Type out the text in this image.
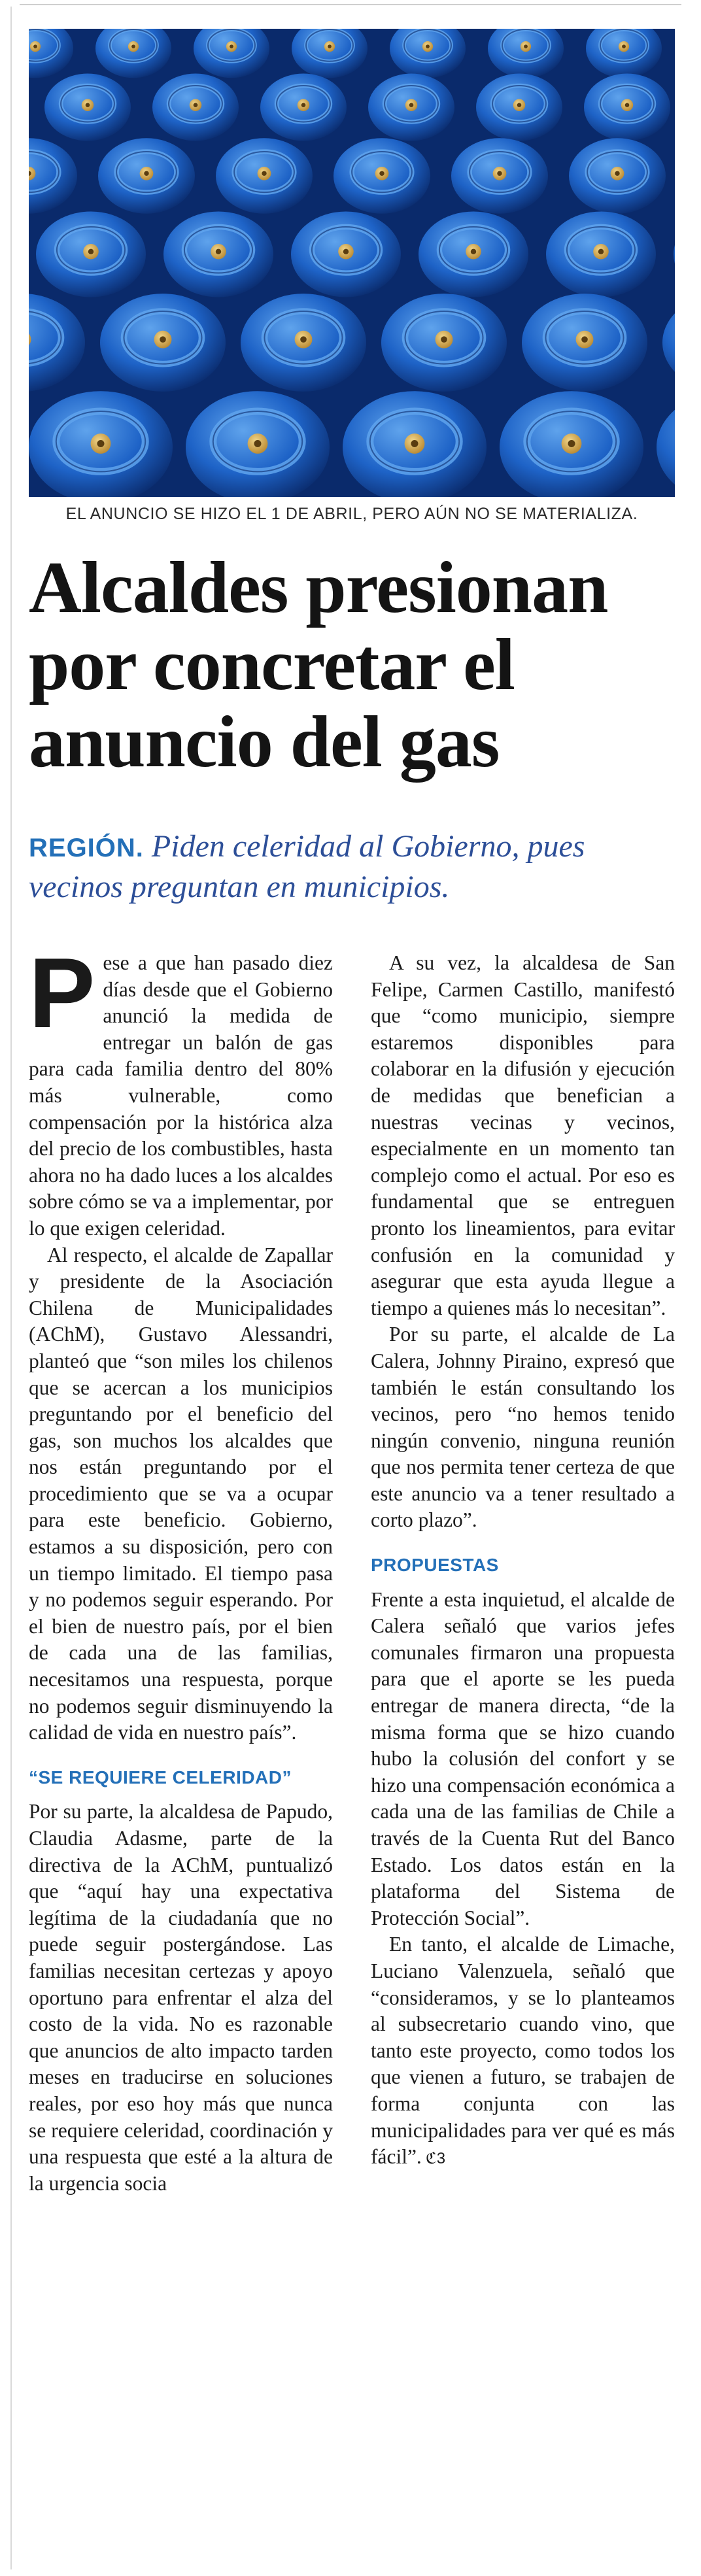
EL ANUNCIO SE HIZO EL 1 DE ABRIL, PERO AÚN NO SE MATERIALIZA.
Alcaldes presionan por concretar el anuncio del gas

REGIÓN. Piden celeridad al Gobierno, pues vecinos preguntan en municipios.

Pese a que han pasado diez días desde que el Gobierno anunció la medida de entregar un balón de gas para cada familia dentro del 80% más vulnerable, como compensación por la histórica alza del precio de los combustibles, hasta ahora no ha dado luces a los alcaldes sobre cómo se va a implementar, por lo que exigen celeridad.

Al respecto, el alcalde de Zapallar y presidente de la Asociación Chilena de Municipalidades (AChM), Gustavo Alessandri, planteó que “son miles los chilenos que se acercan a los municipios preguntando por el beneficio del gas, son muchos los alcaldes que nos están preguntando por el procedimiento que se va a ocupar para este beneficio. Gobierno, estamos a su disposición, pero con un tiempo limitado. El tiempo pasa y no podemos seguir esperando. Por el bien de nuestro país, por el bien de cada una de las familias, necesitamos una respuesta, porque no podemos seguir disminuyendo la calidad de vida en nuestro país”.

“SE REQUIERE CELERIDAD”

Por su parte, la alcaldesa de Papudo, Claudia Adasme, parte de la directiva de la AChM, puntualizó que “aquí hay una expectativa legítima de la ciudadanía que no puede seguir postergándose. Las familias necesitan certezas y apoyo oportuno para enfrentar el alza del costo de la vida. No es razonable que anuncios de alto impacto tarden meses en traducirse en soluciones reales, por eso hoy más que nunca se requiere celeridad, coordinación y una respuesta que esté a la altura de la urgencia socia

A su vez, la alcaldesa de San Felipe, Carmen Castillo, manifestó que “como municipio, siempre estaremos disponibles para colaborar en la difusión y ejecución de medidas que benefician a nuestras vecinas y vecinos, especialmente en un momento tan complejo como el actual. Por eso es fundamental que se entreguen pronto los lineamientos, para evitar confusión en la comunidad y asegurar que esta ayuda llegue a tiempo a quienes más lo necesitan”.

Por su parte, el alcalde de La Calera, Johnny Piraino, expresó que también le están consultando los vecinos, pero “no hemos tenido ningún convenio, ninguna reunión que nos permita tener certeza de que este anuncio va a tener resultado a corto plazo”.

PROPUESTAS

Frente a esta inquietud, el alcalde de Calera señaló que varios jefes comunales firmaron una propuesta para que el aporte se les pueda entregar de manera directa, “de la misma forma que se hizo cuando hubo la colusión del confort y se hizo una compensación económica a cada una de las familias de Chile a través de la Cuenta Rut del Banco Estado. Los datos están en la plataforma del Sistema de Protección Social”.

En tanto, el alcalde de Limache, Luciano Valenzuela, señaló que “consideramos, y se lo planteamos al subsecretario cuando vino, que tanto este proyecto, como todos los que vienen a futuro, se trabajen de forma conjunta con las municipalidades para ver qué es más fácil”. ℭ3
